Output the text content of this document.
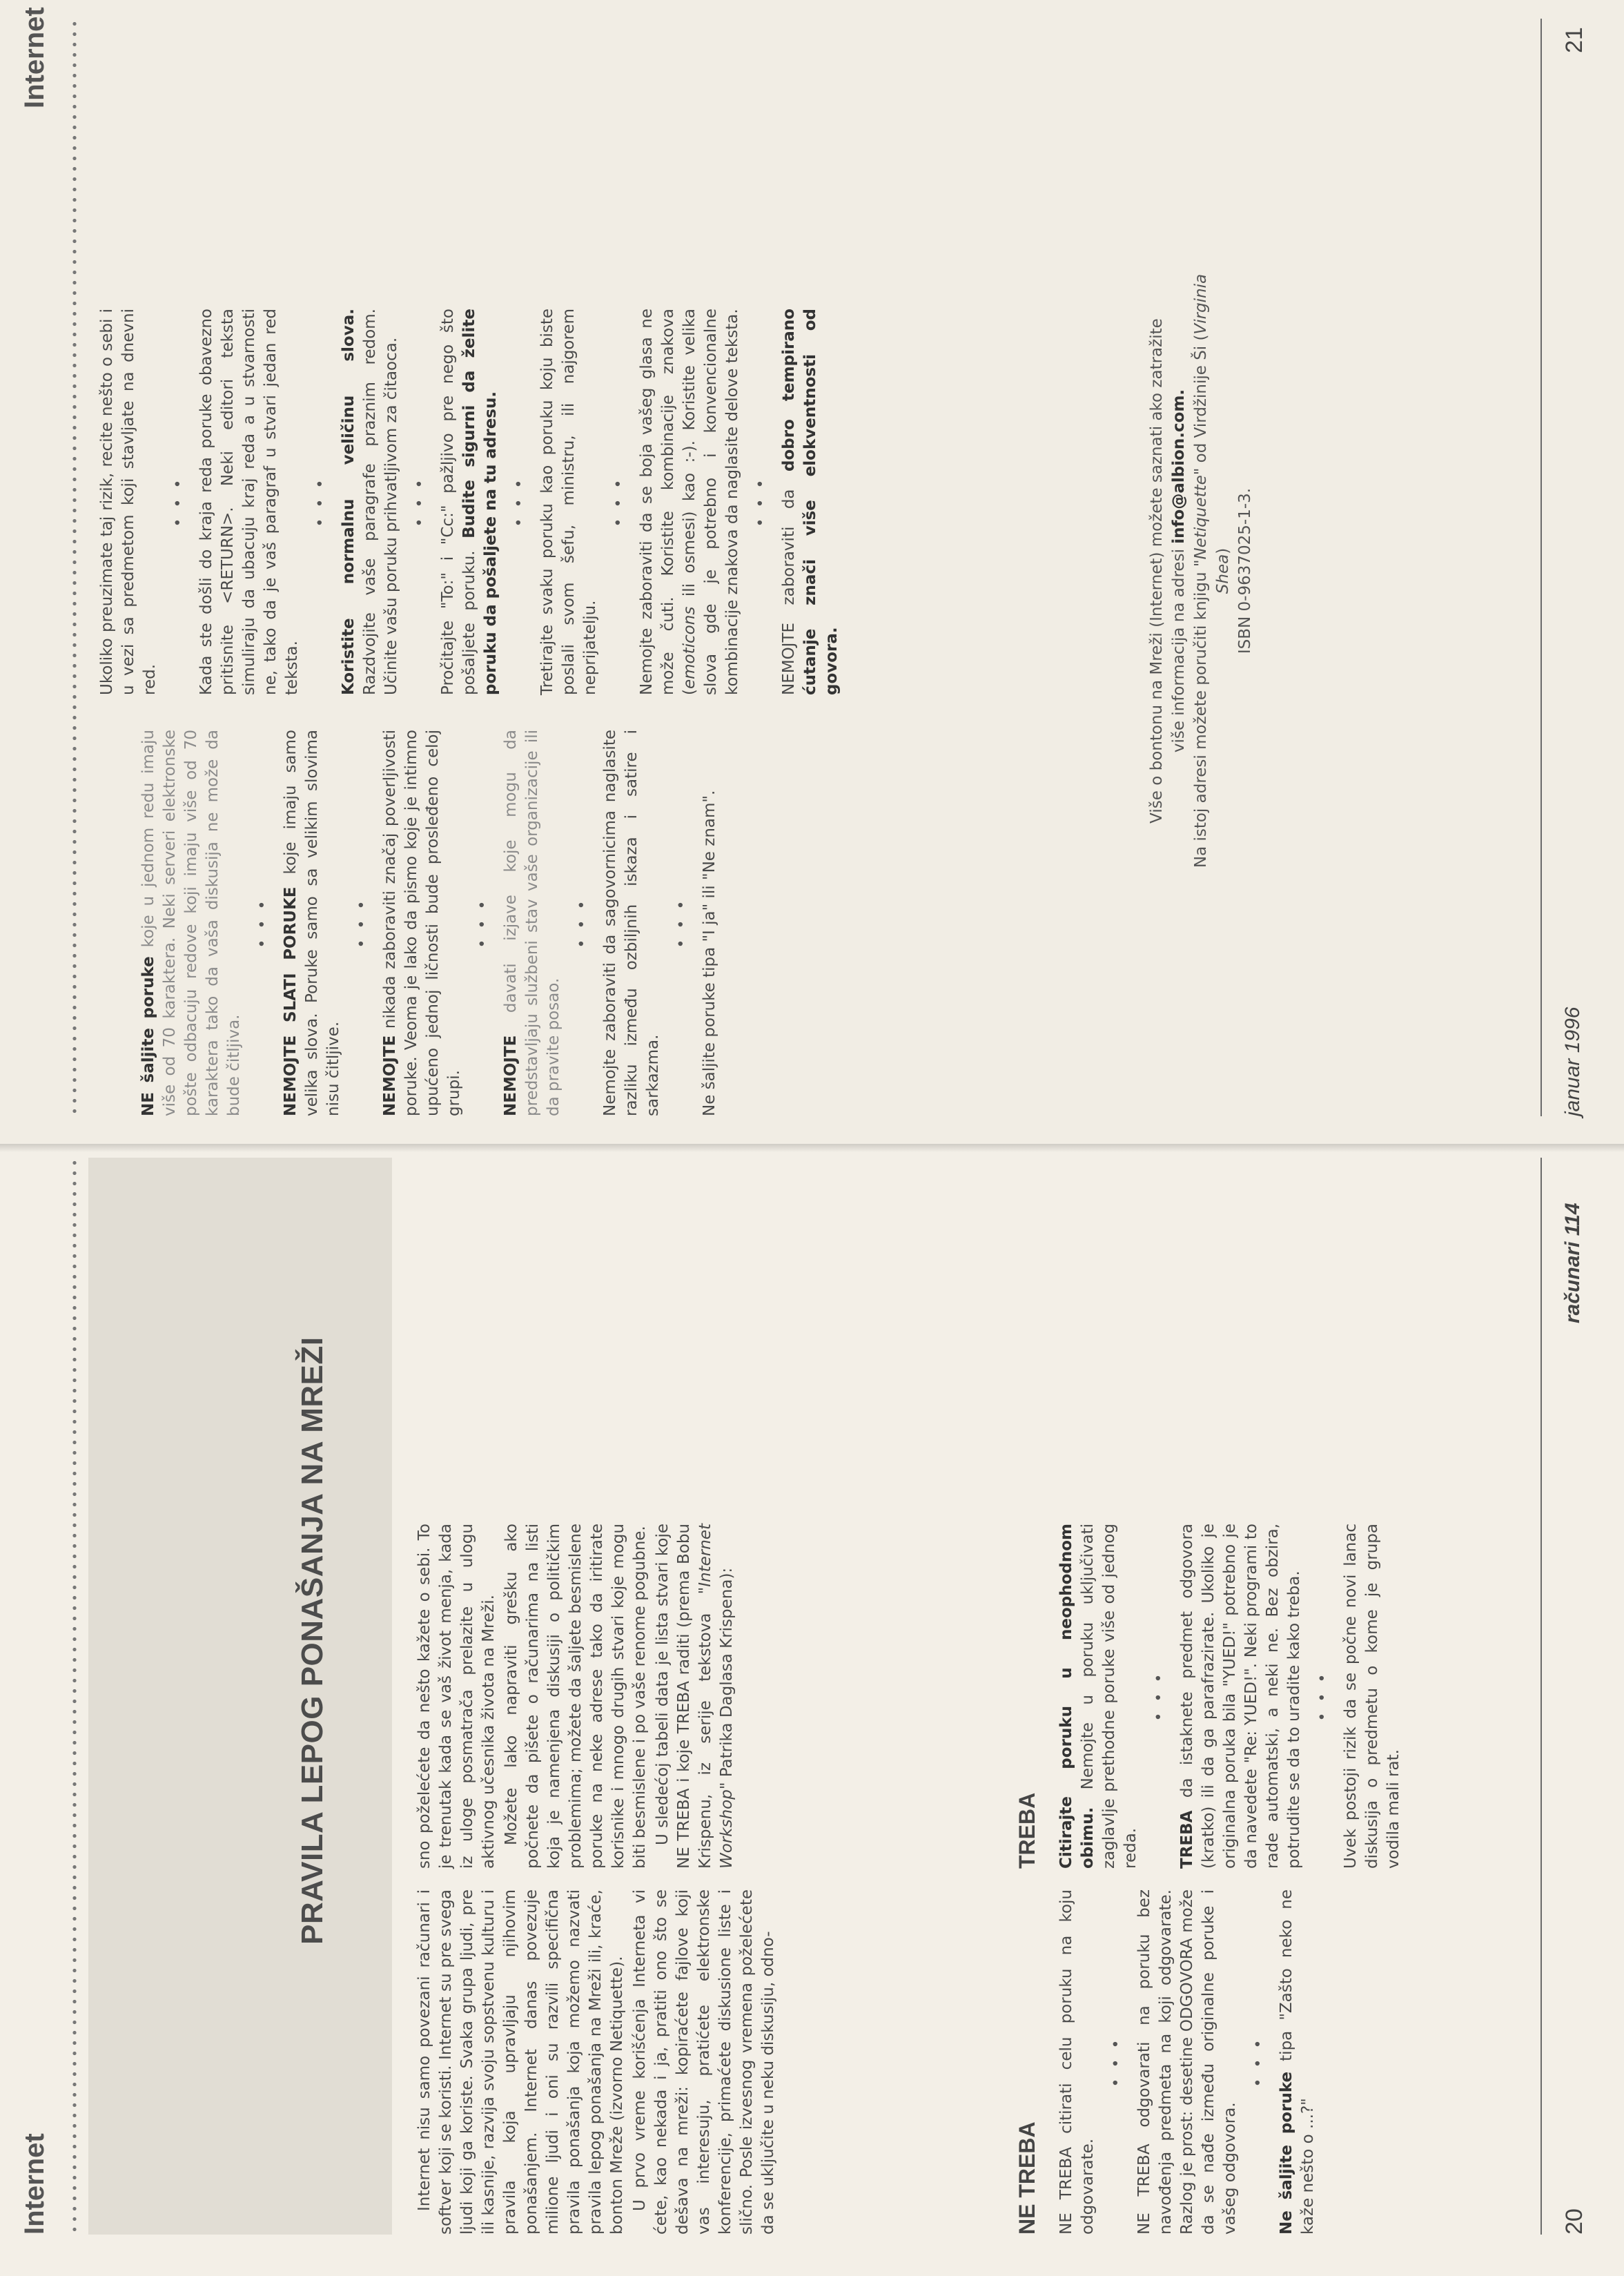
Internet
PRAVILA LEPOG PONAŠANJA NA MREŽI

Internet nisu samo povezani računari i softver koji se koristi. Internet su pre svega ljudi koji ga koriste. Svaka grupa ljudi, pre ili kasnije, razvija svoju sopstvenu kulturu i pravila koja upravljaju njihovim ponašanjem. Internet danas povezuje milione ljudi i oni su razvili specifična pravila ponašanja koja možemo nazvati pravila lepog ponašanja na Mreži ili, kraće, bonton Mreže (izvorno Netiquette). U prvo vreme korišćenja Interneta vi ćete, kao nekada i ja, pratiti ono što se dešava na mreži: kopiraćete fajlove koji vas interesuju, pratićete elektronske konferencije, primaćete diskusione liste i slično. Posle izvesnog vremena poželećete da se uključite u neku diskusiju, odno-

sno poželećete da nešto kažete o sebi. To je trenutak kada se vaš život menja, kada iz uloge posmatrača prelazite u ulogu aktivnog učesnika života na Mreži. Možete lako napraviti grešku ako počnete da pišete o računarima na listi koja je namenjena diskusiji o političkim problemima; možete da šaljete besmislene poruke na neke adrese tako da iritirate korisnike i mnogo drugih stvari koje mogu biti besmislene i po vaše renome pogubne. U sledećoj tabeli data je lista stvari koje NE TREBA i koje TREBA raditi (prema Bobu Krispenu, iz serije tekstova "Internet Workshop" Patrika Dаglasa Krispena):

NE TREBA
TREBA

NE TREBA citirati celu poruku na koju odgovarate.

• • • NE TREBA odgovarati na poruku bez navođenja predmeta na koji odgovarate. Razlog je prost: desetine ODGOVORA može da se nađe između originalne poruke i vašeg odgovora.

• • •

Ne šaljite poruke tipa "Zašto neko ne kaže nešto o ...?"

Citirajte poruku u neophodnom obimu. Nemojte u poruku uključivati zaglavlje prethodne poruke više od jednog reda.

• • •

TREBA da istaknete predmet odgovora (kratko) ili da ga parafrazirate. Ukoliko je originalna poruka bila "YUED!" potrebno je da navedete "Re: YUED!". Neki programi to rade automatski, a neki ne. Bez obzira, potrudite se da to uradite kako treba. • • • Uvek postoji rizik da se počne novi lanac diskusija o predmetu o kome je grupa vodila mali rat.

20
računari 114
Internet

NE šaljite poruke koje u jednom redu imaju više od 70 karaktera. Neki serveri elektronske pošte odbacuju redove koji imaju više od 70 karaktera tako da vaša diskusija ne može da bude čitljiva.

• • • NEMOJTE SLATI PORUKE koje imaju samo velika slova. Poruke samo sa velikim slovima nisu čitljive.

• • •

NEMOJTE nikada zaboraviti značaj poverljivosti poruke. Veoma je lako da pismo koje je intimno upućeno jednoj ličnosti bude prosleđeno celoj grupi.

• • •

NEMOJTE davati izjave koje mogu da predstavljaju službeni stav vaše organizacije ili da pravite posao.

• • • Nemojte zaboraviti da sagovornicima naglasite razliku između ozbiljnih iskaza i satire i sarkazma.

• • • Ne šaljite poruke tipa "I ja" ili "Ne znam".

Ukoliko preuzimate taj rizik, recite nešto o sebi i u vezi sa predmetom koji stavljate na dnevni red.

• • • Kada ste došli do kraja reda poruke obavezno pritisnite <RETURN>. Neki editori teksta simuliraju da ubacuju kraj reda a u stvarnosti ne, tako da je vaš paragraf u stvari jedan red teksta.

• • • Koristite normalnu veličinu slova. Razdvojite vaše paragrafe praznim redom. Učinite vašu poruku prihvatljivom za čitaoca. • • • Pročitajte "To:" i "Cc:" pažljivo pre nego što pošaljete poruku. Budite sigurni da želite poruku da pošaljete na tu adresu. • • • Tretirajte svaku poruku kao poruku koju biste poslali svom šefu, ministru, ili najgorem neprijatelju.

• • • Nemojte zaboraviti da se boja vašeg glasa ne može čuti. Koristite kombinacije znakova (emoticons ili osmesi) kao :-). Koristite velika slova gde je potrebno i konvencionalne kombinacije znakova da naglasite delove teksta. • • • NEMOJTE zaboraviti da dobro tempirano ćutanje znači više elokventnosti od govora.	Više o bontonu na Mreži (Internet) možete saznati ako zatražite više informacija na adresi info@albion.com.
Na istoj adresi možete poručiti knjigu "Netiquette" od Virdžinije Ši (Virginia Shea) ISBN 0-9637025-1-3.
januar 1996
21
